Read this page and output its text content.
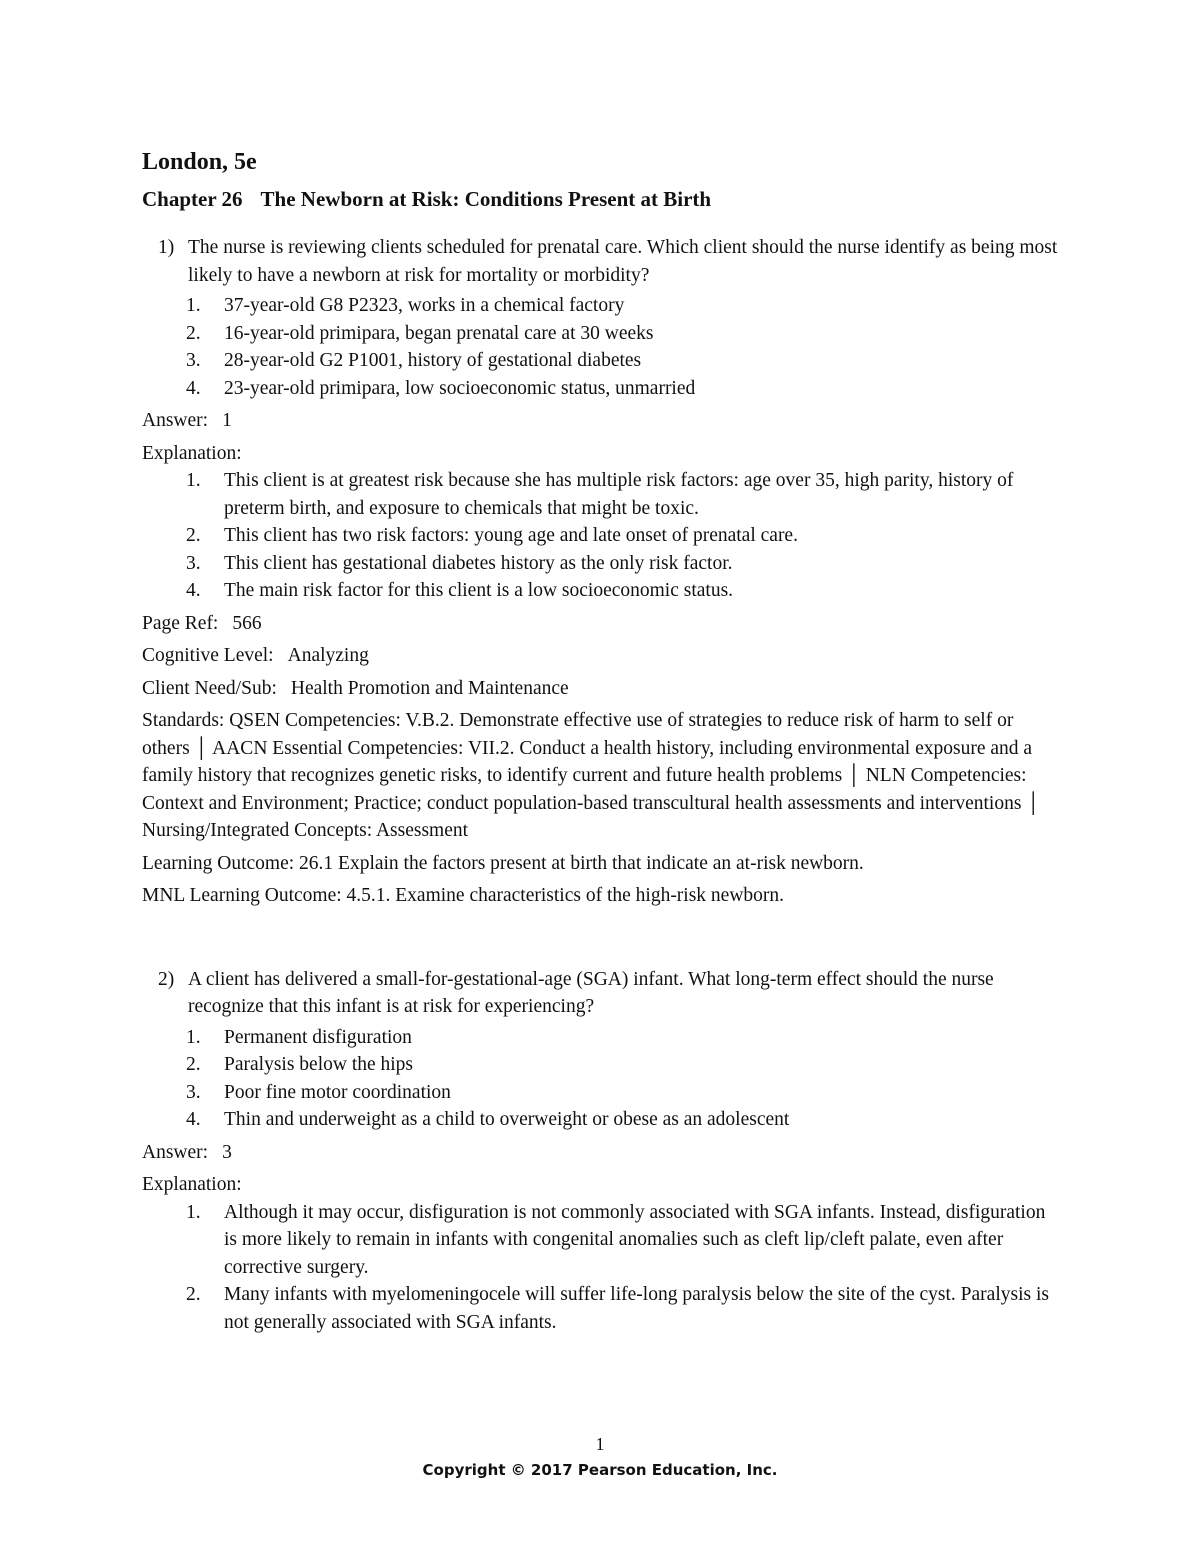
London, 5e
Chapter 26 The Newborn at Risk: Conditions Present at Birth
1) The nurse is reviewing clients scheduled for prenatal care. Which client should the nurse identify as being most likely to have a newborn at risk for mortality or morbidity?
1.	37-year-old G8 P2323, works in a chemical factory
2.	16-year-old primipara, began prenatal care at 30 weeks
3.	28-year-old G2 P1001, history of gestational diabetes
4.	23-year-old primipara, low socioeconomic status, unmarried
Answer: 1
Explanation:
1.	This client is at greatest risk because she has multiple risk factors: age over 35, high parity, history of preterm birth, and exposure to chemicals that might be toxic.
2.	This client has two risk factors: young age and late onset of prenatal care.
3.	This client has gestational diabetes history as the only risk factor.
4.	The main risk factor for this client is a low socioeconomic status.
Page Ref: 566
Cognitive Level: Analyzing
Client Need/Sub: Health Promotion and Maintenance
Standards: QSEN Competencies: V.B.2. Demonstrate effective use of strategies to reduce risk of harm to self or others │ AACN Essential Competencies: VII.2. Conduct a health history, including environmental exposure and a family history that recognizes genetic risks, to identify current and future health problems │ NLN Competencies: Context and Environment; Practice; conduct population-based transcultural health assessments and interventions │ Nursing/Integrated Concepts: Assessment
Learning Outcome: 26.1 Explain the factors present at birth that indicate an at-risk newborn.
MNL Learning Outcome: 4.5.1. Examine characteristics of the high-risk newborn.
2) A client has delivered a small-for-gestational-age (SGA) infant. What long-term effect should the nurse recognize that this infant is at risk for experiencing?
1.	Permanent disfiguration
2.	Paralysis below the hips
3.	Poor fine motor coordination
4.	Thin and underweight as a child to overweight or obese as an adolescent
Answer: 3
Explanation:
1.	Although it may occur, disfiguration is not commonly associated with SGA infants. Instead, disfiguration is more likely to remain in infants with congenital anomalies such as cleft lip/cleft palate, even after corrective surgery.
2.	Many infants with myelomeningocele will suffer life-long paralysis below the site of the cyst. Paralysis is not generally associated with SGA infants.
1
Copyright © 2017 Pearson Education, Inc.
